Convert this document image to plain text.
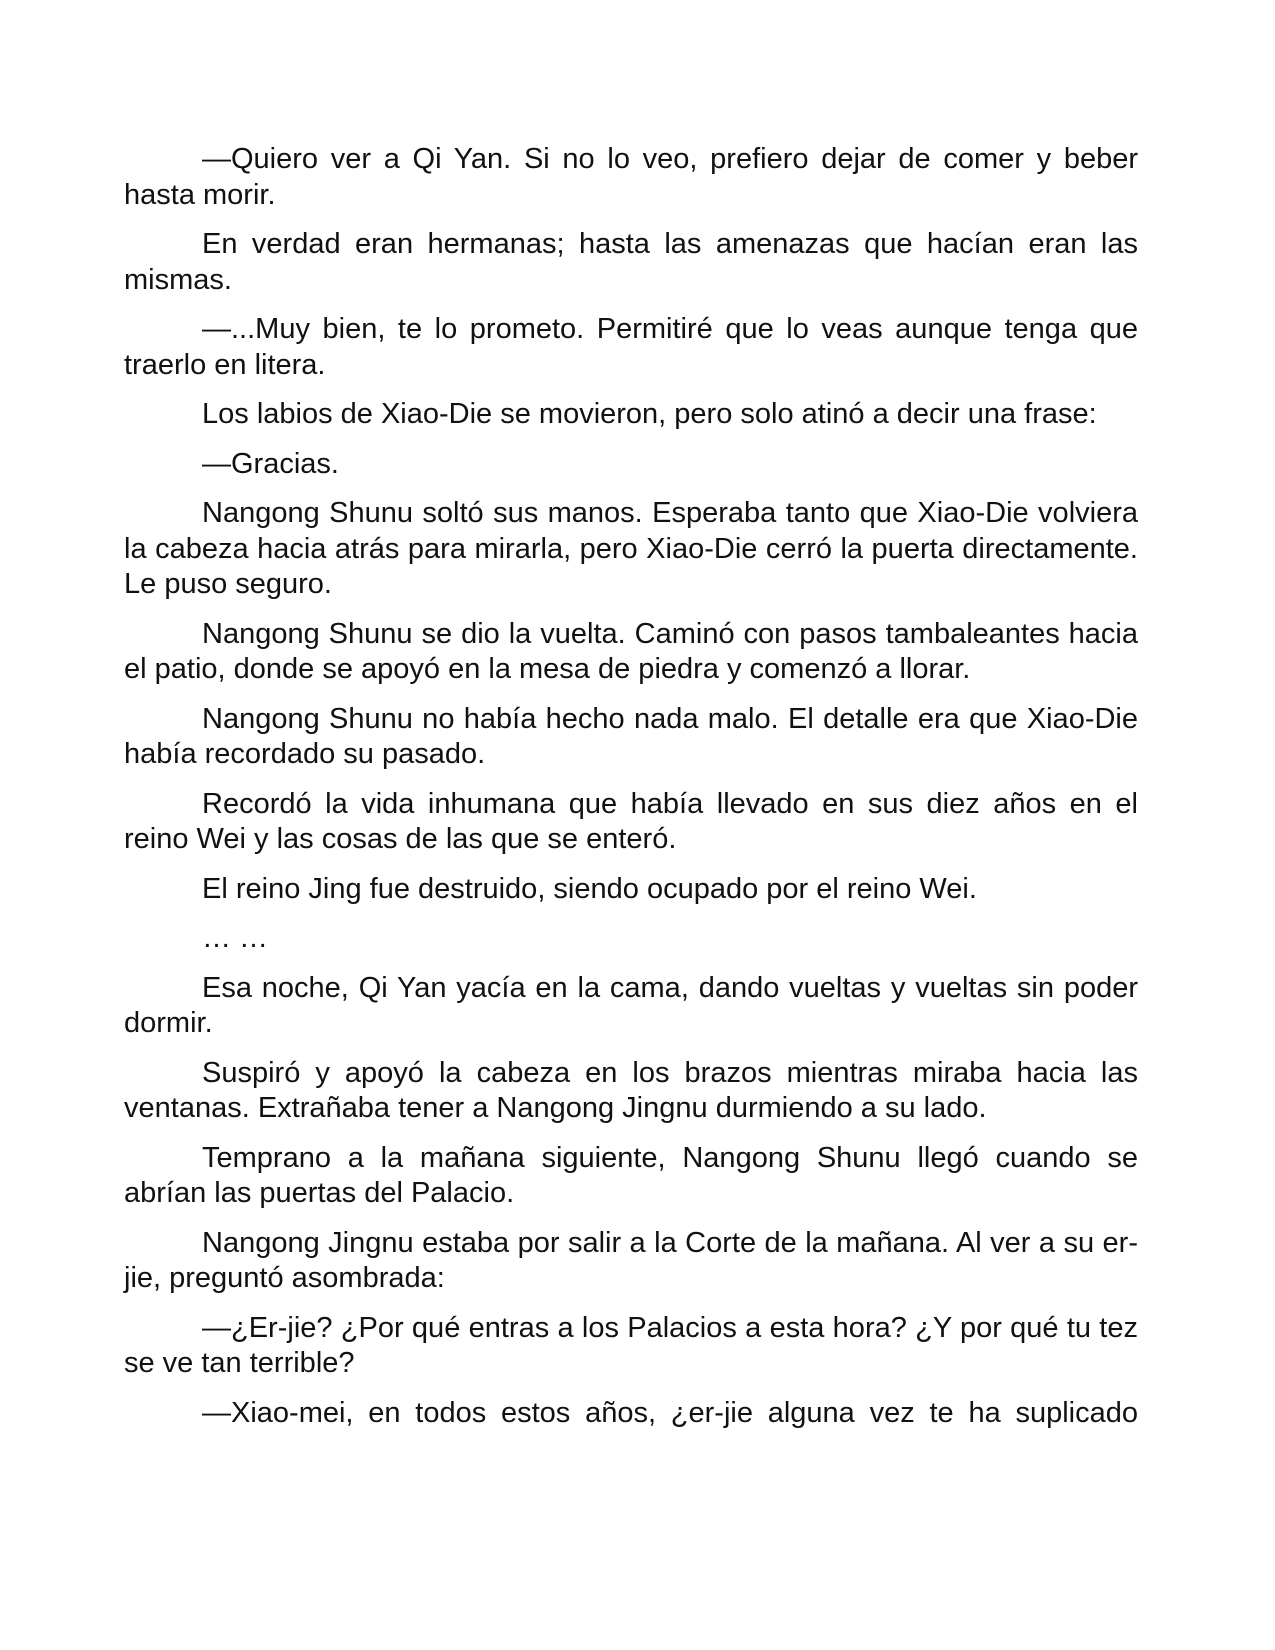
—Quiero ver a Qi Yan. Si no lo veo, prefiero dejar de comer y beber hasta morir.

En verdad eran hermanas; hasta las amenazas que hacían eran las mismas.

—...Muy bien, te lo prometo. Permitiré que lo veas aunque tenga que traerlo en litera.

Los labios de Xiao-Die se movieron, pero solo atinó a decir una frase:

—Gracias.

Nangong Shunu soltó sus manos. Esperaba tanto que Xiao-Die volviera la cabeza hacia atrás para mirarla, pero Xiao-Die cerró la puerta directamente. Le puso seguro.

Nangong Shunu se dio la vuelta. Caminó con pasos tambaleantes hacia el patio, donde se apoyó en la mesa de piedra y comenzó a llorar.

Nangong Shunu no había hecho nada malo. El detalle era que Xiao-Die había recordado su pasado.

Recordó la vida inhumana que había llevado en sus diez años en el reino Wei y las cosas de las que se enteró.

El reino Jing fue destruido, siendo ocupado por el reino Wei.

… …

Esa noche, Qi Yan yacía en la cama, dando vueltas y vueltas sin poder dormir.

Suspiró y apoyó la cabeza en los brazos mientras miraba hacia las ventanas. Extrañaba tener a Nangong Jingnu durmiendo a su lado.

Temprano a la mañana siguiente, Nangong Shunu llegó cuando se abrían las puertas del Palacio.

Nangong Jingnu estaba por salir a la Corte de la mañana. Al ver a su er-jie, preguntó asombrada:

—¿Er-jie? ¿Por qué entras a los Palacios a esta hora? ¿Y por qué tu tez se ve tan terrible?

—Xiao-mei, en todos estos años, ¿er-jie alguna vez te ha suplicado
